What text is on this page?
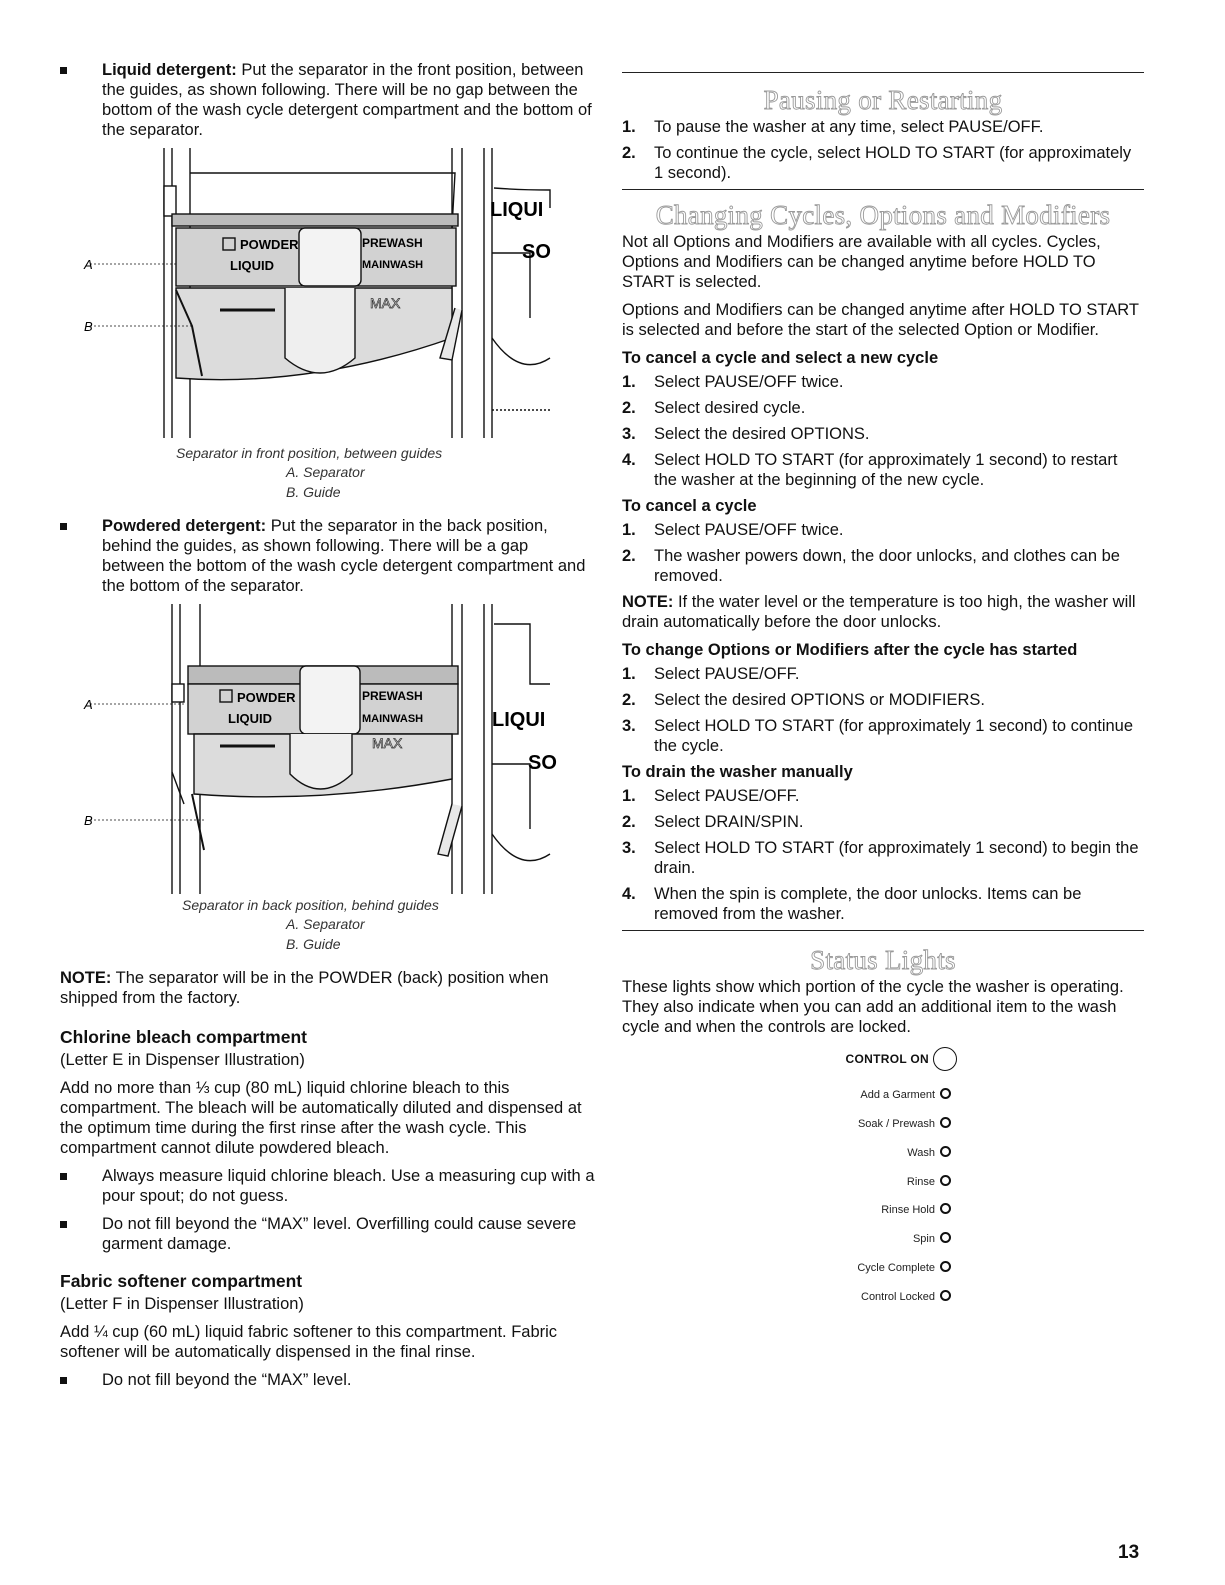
Liquid detergent: Put the separator in the front position, between the guides, as shown following. There will be no gap between the bottom of the wash cycle detergent compartment and the bottom of the separator.
POWDER
LIQUID
PREWASH
MAINWASH
MAX
LIQUI
SO
A
B
Separator in front position, between guides
A. Separator
B. Guide
Powdered detergent: Put the separator in the back position, behind the guides, as shown following. There will be a gap between the bottom of the wash cycle detergent compartment and the bottom of the separator.
POWDER
LIQUID
PREWASH
MAINWASH
MAX
LIQUI
SO
A
B
Separator in back position, behind guides
A. Separator
B. Guide

NOTE: The separator will be in the POWDER (back) position when shipped from the factory.

Chlorine bleach compartment

(Letter E in Dispenser Illustration)

Add no more than ⅓ cup (80 mL) liquid chlorine bleach to this compartment. The bleach will be automatically diluted and dispensed at the optimum time during the first rinse after the wash cycle. This compartment cannot dilute powdered bleach.

Always measure liquid chlorine bleach. Use a measuring cup with a pour spout; do not guess.
Do not fill beyond the “MAX” level. Overfilling could cause severe garment damage.
Fabric softener compartment

(Letter F in Dispenser Illustration)

Add ¼ cup (60 mL) liquid fabric softener to this compartment. Fabric softener will be automatically dispensed in the final rinse.

Do not fill beyond the “MAX” level.
Pausing or Restarting
1. To pause the washer at any time, select PAUSE/OFF.
2. To continue the cycle, select HOLD TO START (for approximately 1 second).
Changing Cycles, Options and Modifiers

Not all Options and Modifiers are available with all cycles. Cycles, Options and Modifiers can be changed anytime before HOLD TO START is selected.

Options and Modifiers can be changed anytime after HOLD TO START is selected and before the start of the selected Option or Modifier.

To cancel a cycle and select a new cycle
1. Select PAUSE/OFF twice.
2. Select desired cycle.
3. Select the desired OPTIONS.
4. Select HOLD TO START (for approximately 1 second) to restart the washer at the beginning of the new cycle.
To cancel a cycle
1. Select PAUSE/OFF twice.
2. The washer powers down, the door unlocks, and clothes can be removed.

NOTE: If the water level or the temperature is too high, the washer will drain automatically before the door unlocks.

To change Options or Modifiers after the cycle has started
1. Select PAUSE/OFF.
2. Select the desired OPTIONS or MODIFIERS.
3. Select HOLD TO START (for approximately 1 second) to continue the cycle.
To drain the washer manually
1. Select PAUSE/OFF.
2. Select DRAIN/SPIN.
3. Select HOLD TO START (for approximately 1 second) to begin the drain.
4. When the spin is complete, the door unlocks. Items can be removed from the washer.
Status Lights

These lights show which portion of the cycle the washer is operating. They also indicate when you can add an additional item to the wash cycle and when the controls are locked.

CONTROL ON
Add a Garment
Soak / Prewash
Wash
Rinse
Rinse Hold
Spin
Cycle Complete
Control Locked
13
